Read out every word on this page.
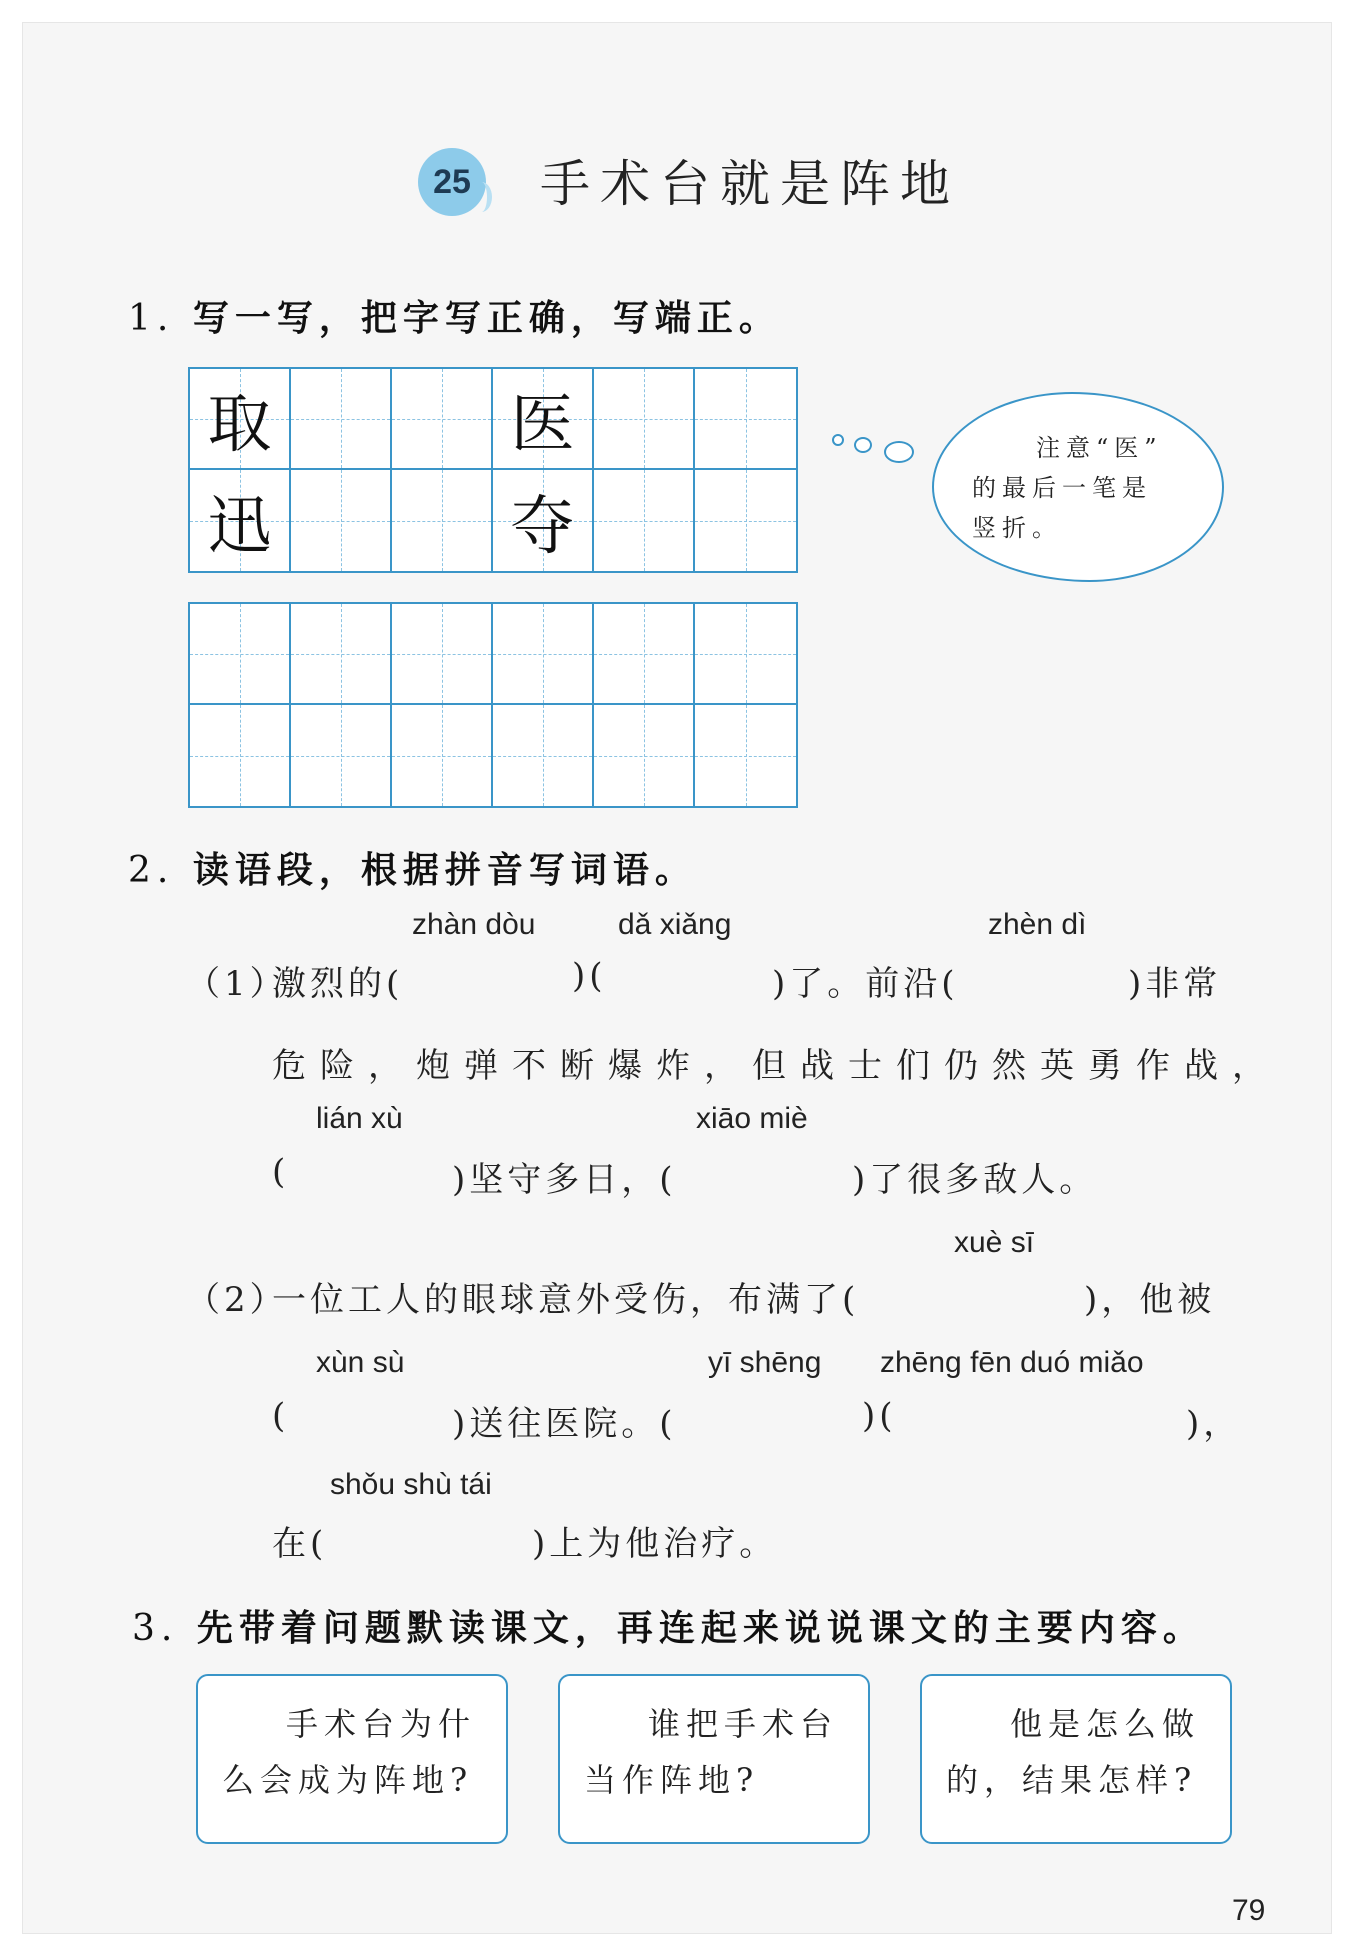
25	手术台就是阵地
1. 写一写，把字写正确，写端正。
取	医
迅	夺
注意“医”
的最后一笔是
竖折。
2. 读语段，根据拼音写词语。
zhàn dòu	dǎ xiǎng	zhèn dì
（1）
激烈的(	)(	)了。前沿(	)非常
危险，炮弹不断爆炸，但战士们仍然英勇作战，
lián xù	xiāo miè
(	)坚守多日，(	)了很多敌人。
xuè sī
（2）
一位工人的眼球意外受伤，布满了(	)，他被
xùn sù	yī shēng zhēng fēn duó miǎo
(	)送往医院。(	)(	)，
shǒu shù tái
在(	)上为他治疗。
3. 先带着问题默读课文，再连起来说说课文的主要内容。
手术台为什么会成为阵地?
谁把手术台当作阵地?
他是怎么做的，结果怎样?
79
